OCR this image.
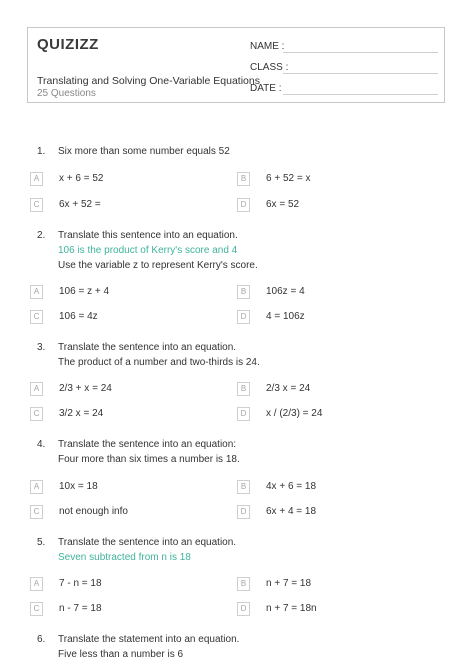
QUIZIZZ
Translating and Solving One-Variable Equations
25 Questions
NAME :
CLASS :
DATE :
1.	Six more than some number equals 52
A	x + 6 = 52	B	6 + 52 = x
C	6x + 52 =	D	6x = 52
2.	Translate this sentence into an equation.
106 is the product of Kerry's score and 4
Use the variable z to represent Kerry's score.
A	106 = z + 4	B	106z = 4
C	106 = 4z	D	4 = 106z
3.	Translate the sentence into an equation.
The product of a number and two-thirds is 24.
A	2/3 + x = 24	B	2/3 x = 24
C	3/2 x = 24	D	x / (2/3) = 24
4.	Translate the sentence into an equation:
Four more than six times a number is 18.
A	10x = 18	B	4x + 6 = 18
C	not enough info	D	6x + 4 = 18
5.	Translate the sentence into an equation.
Seven subtracted from n is 18
A	7 - n = 18	B	n + 7 = 18
C	n - 7 = 18	D	n + 7 = 18n
6.	Translate the statement into an equation.
Five less than a number is 6
